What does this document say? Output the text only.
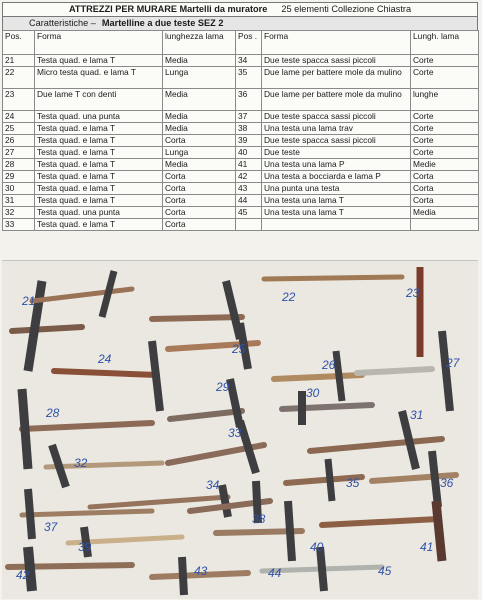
ATTREZZI PER MURARE Martelli da muratore 25 elementi Collezione Chiastra
Caratteristiche – Martelline a due teste SEZ 2
Pos.	Forma	lunghezza lama	Pos .	Forma	Lungh. lama
21	Testa quad. e lama T	Media	34	Due teste spacca sassi piccoli	Corte
22	Micro testa quad. e lama T	Lunga	35	Due lame per battere mole da mulino	Corte
23	Due lame T con denti	Media	36	Due lame per battere mole da mulino	lunghe
24	Testa quad. una punta	Media	37	Due teste spacca sassi piccoli	Corte
25	Testa quad. e lama T	Media	38	Una testa una lama trav	Corte
26	Testa quad. e lama T	Corta	39	Due teste spacca sassi piccoli	Corte
27	Testa quad. e lama T	Lunga	40	Due teste	Corte
28	Testa quad. e lama T	Media	41	Una testa una lama P	Medie
29	Testa quad. e lama T	Corta	42	Una testa a bocciarda e lama P	Corta
30	Testa quad. e lama T	Corta	43	Una punta una testa	Corta
31	Testa quad. e lama T	Corta	44	Una testa una lama T	Corta
32	Testa quad. una punta	Corta	45	Una testa una lama T	Media
33	Testa quad. e lama T	Corta			
21	22	23
24
25
26	27
28
29	30
31
32
33
34	35	36
37
38
39	40	41
42	43	44	45
